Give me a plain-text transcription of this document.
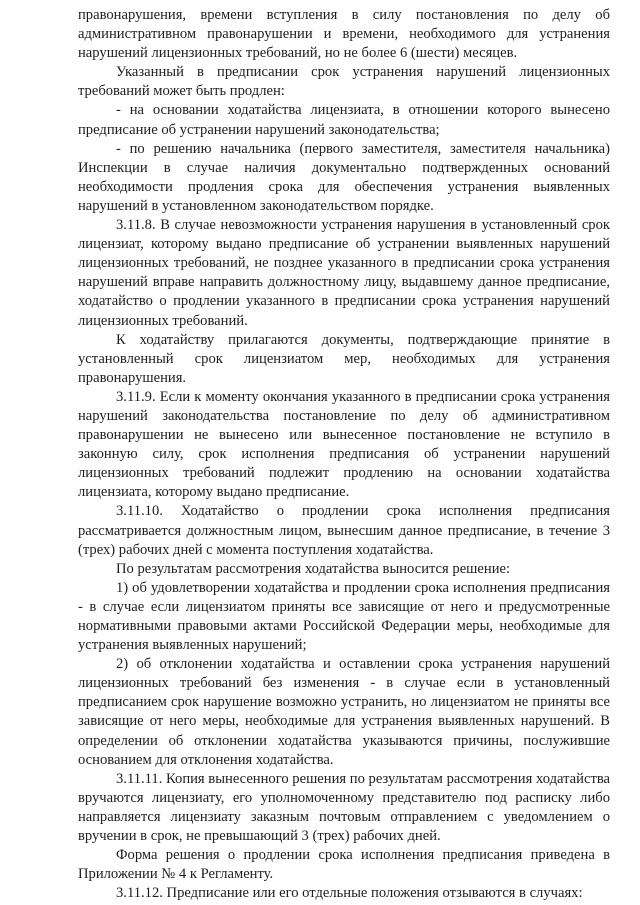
правонарушения, времени вступления в силу постановления по делу об административном правонарушении и времени, необходимого для устранения нарушений лицензионных требований, но не более 6 (шести) месяцев.

Указанный в предписании срок устранения нарушений лицензионных требований может быть продлен:

- на основании ходатайства лицензиата, в отношении которого вынесено предписание об устранении нарушений законодательства;

- по решению начальника (первого заместителя, заместителя начальника) Инспекции в случае наличия документально подтвержденных оснований необходимости продления срока для обеспечения устранения выявленных нарушений в установленном законодательством порядке.

3.11.8. В случае невозможности устранения нарушения в установленный срок лицензиат, которому выдано предписание об устранении выявленных нарушений лицензионных требований, не позднее указанного в предписании срока устранения нарушений вправе направить должностному лицу, выдавшему данное предписание, ходатайство о продлении указанного в предписании срока устранения нарушений лицензионных требований.

К ходатайству прилагаются документы, подтверждающие принятие в установленный срок лицензиатом мер, необходимых для устранения правонарушения.

3.11.9. Если к моменту окончания указанного в предписании срока устранения нарушений законодательства постановление по делу об административном правонарушении не вынесено или вынесенное постановление не вступило в законную силу, срок исполнения предписания об устранении нарушений лицензионных требований подлежит продлению на основании ходатайства лицензиата, которому выдано предписание.

3.11.10. Ходатайство о продлении срока исполнения предписания рассматривается должностным лицом, вынесшим данное предписание, в течение 3 (трех) рабочих дней с момента поступления ходатайства.

По результатам рассмотрения ходатайства выносится решение:

1) об удовлетворении ходатайства и продлении срока исполнения предписания - в случае если лицензиатом приняты все зависящие от него и предусмотренные нормативными правовыми актами Российской Федерации меры, необходимые для устранения выявленных нарушений;

2) об отклонении ходатайства и оставлении срока устранения нарушений лицензионных требований без изменения - в случае если в установленный предписанием срок нарушение возможно устранить, но лицензиатом не приняты все зависящие от него меры, необходимые для устранения выявленных нарушений. В определении об отклонении ходатайства указываются причины, послужившие основанием для отклонения ходатайства.

3.11.11. Копия вынесенного решения по результатам рассмотрения ходатайства вручаются лицензиату, его уполномоченному представителю под расписку либо направляется лицензиату заказным почтовым отправлением с уведомлением о вручении в срок, не превышающий 3 (трех) рабочих дней.

Форма решения о продлении срока исполнения предписания приведена в Приложении № 4 к Регламенту.

3.11.12. Предписание или его отдельные положения отзываются в случаях:
